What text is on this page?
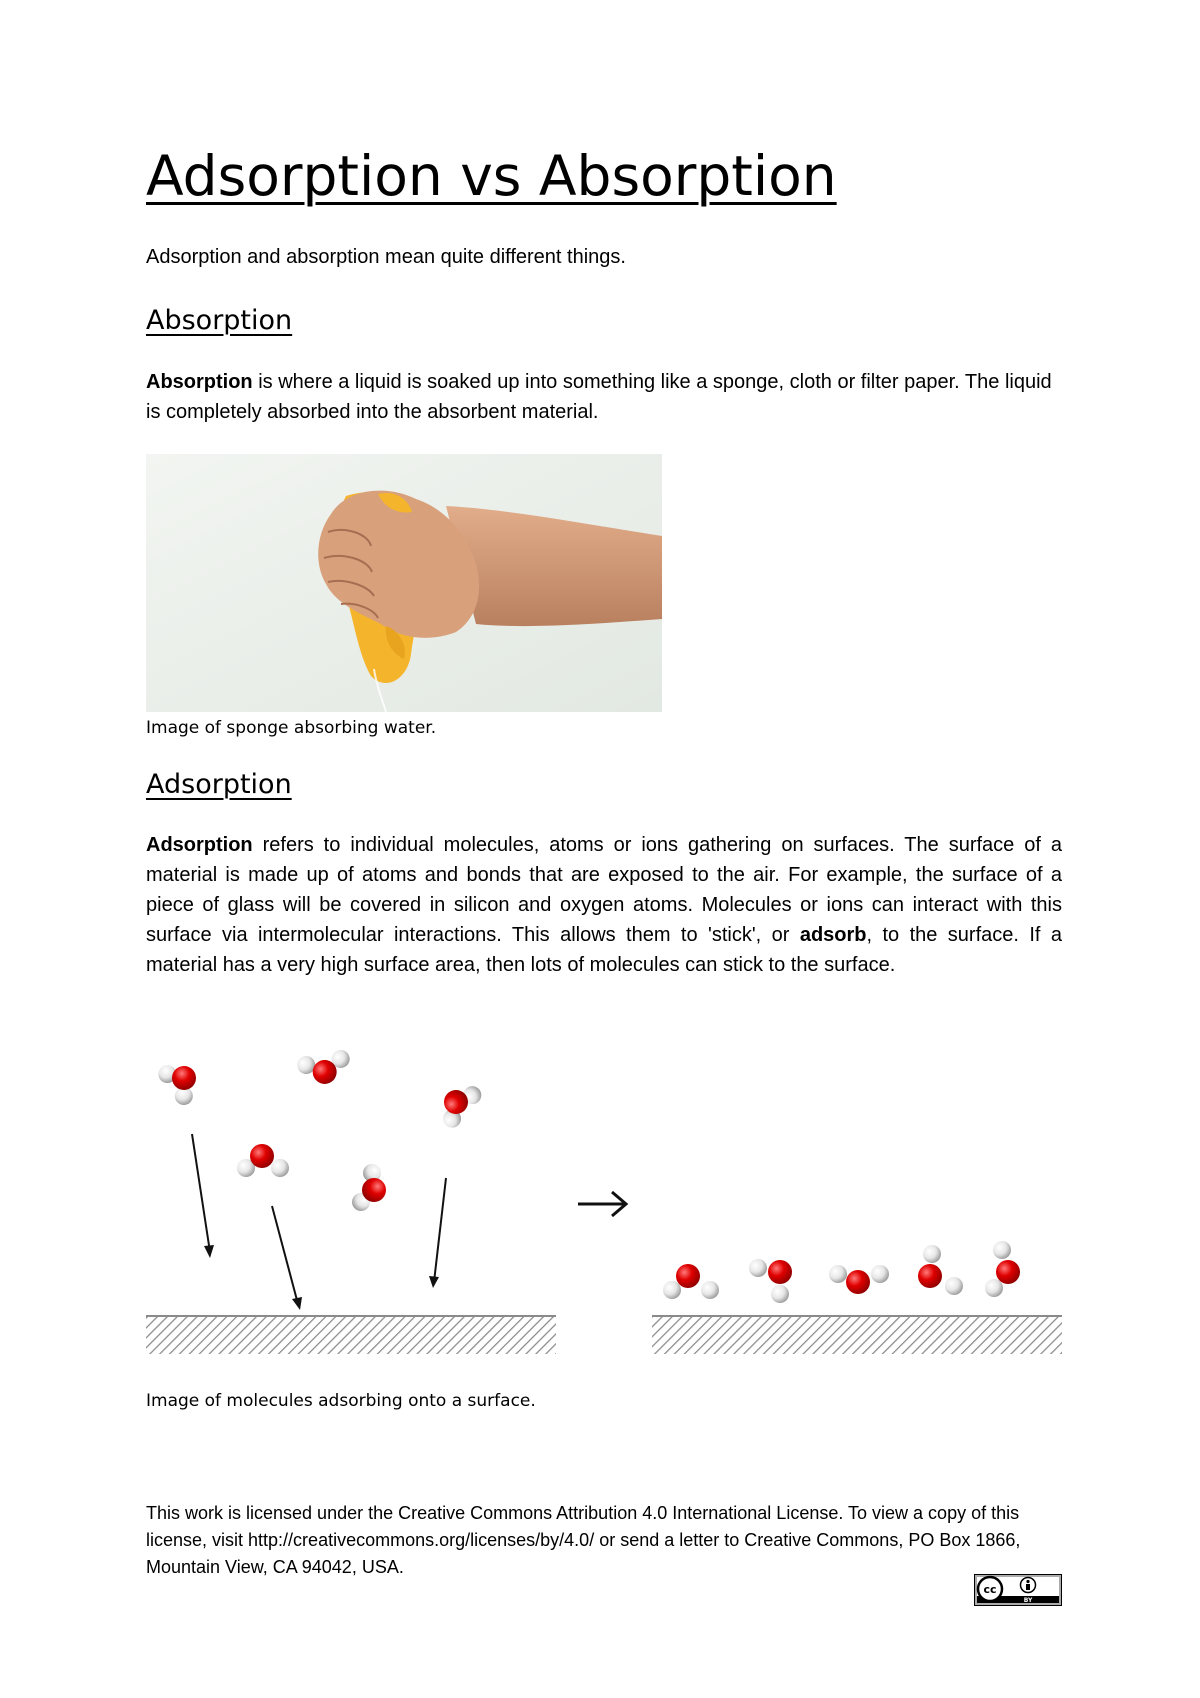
Adsorption vs Absorption

Adsorption and absorption mean quite different things.

Absorption

Absorption is where a liquid is soaked up into something like a sponge, cloth or filter paper. The liquid is completely absorbed into the absorbent material.

Image of sponge absorbing water.

Adsorption

Adsorption refers to individual molecules, atoms or ions gathering on surfaces. The surface of a material is made up of atoms and bonds that are exposed to the air. For example, the surface of a piece of glass will be covered in silicon and oxygen atoms. Molecules or ions can interact with this surface via intermolecular interactions. This allows them to 'stick', or adsorb, to the surface. If a material has a very high surface area, then lots of molecules can stick to the surface.

Image of molecules adsorbing onto a surface.

This work is licensed under the Creative Commons Attribution 4.0 International License. To view a copy of this license, visit http://creativecommons.org/licenses/by/4.0/ or send a letter to Creative Commons, PO Box 1866, Mountain View, CA 94042, USA.

cc
BY
